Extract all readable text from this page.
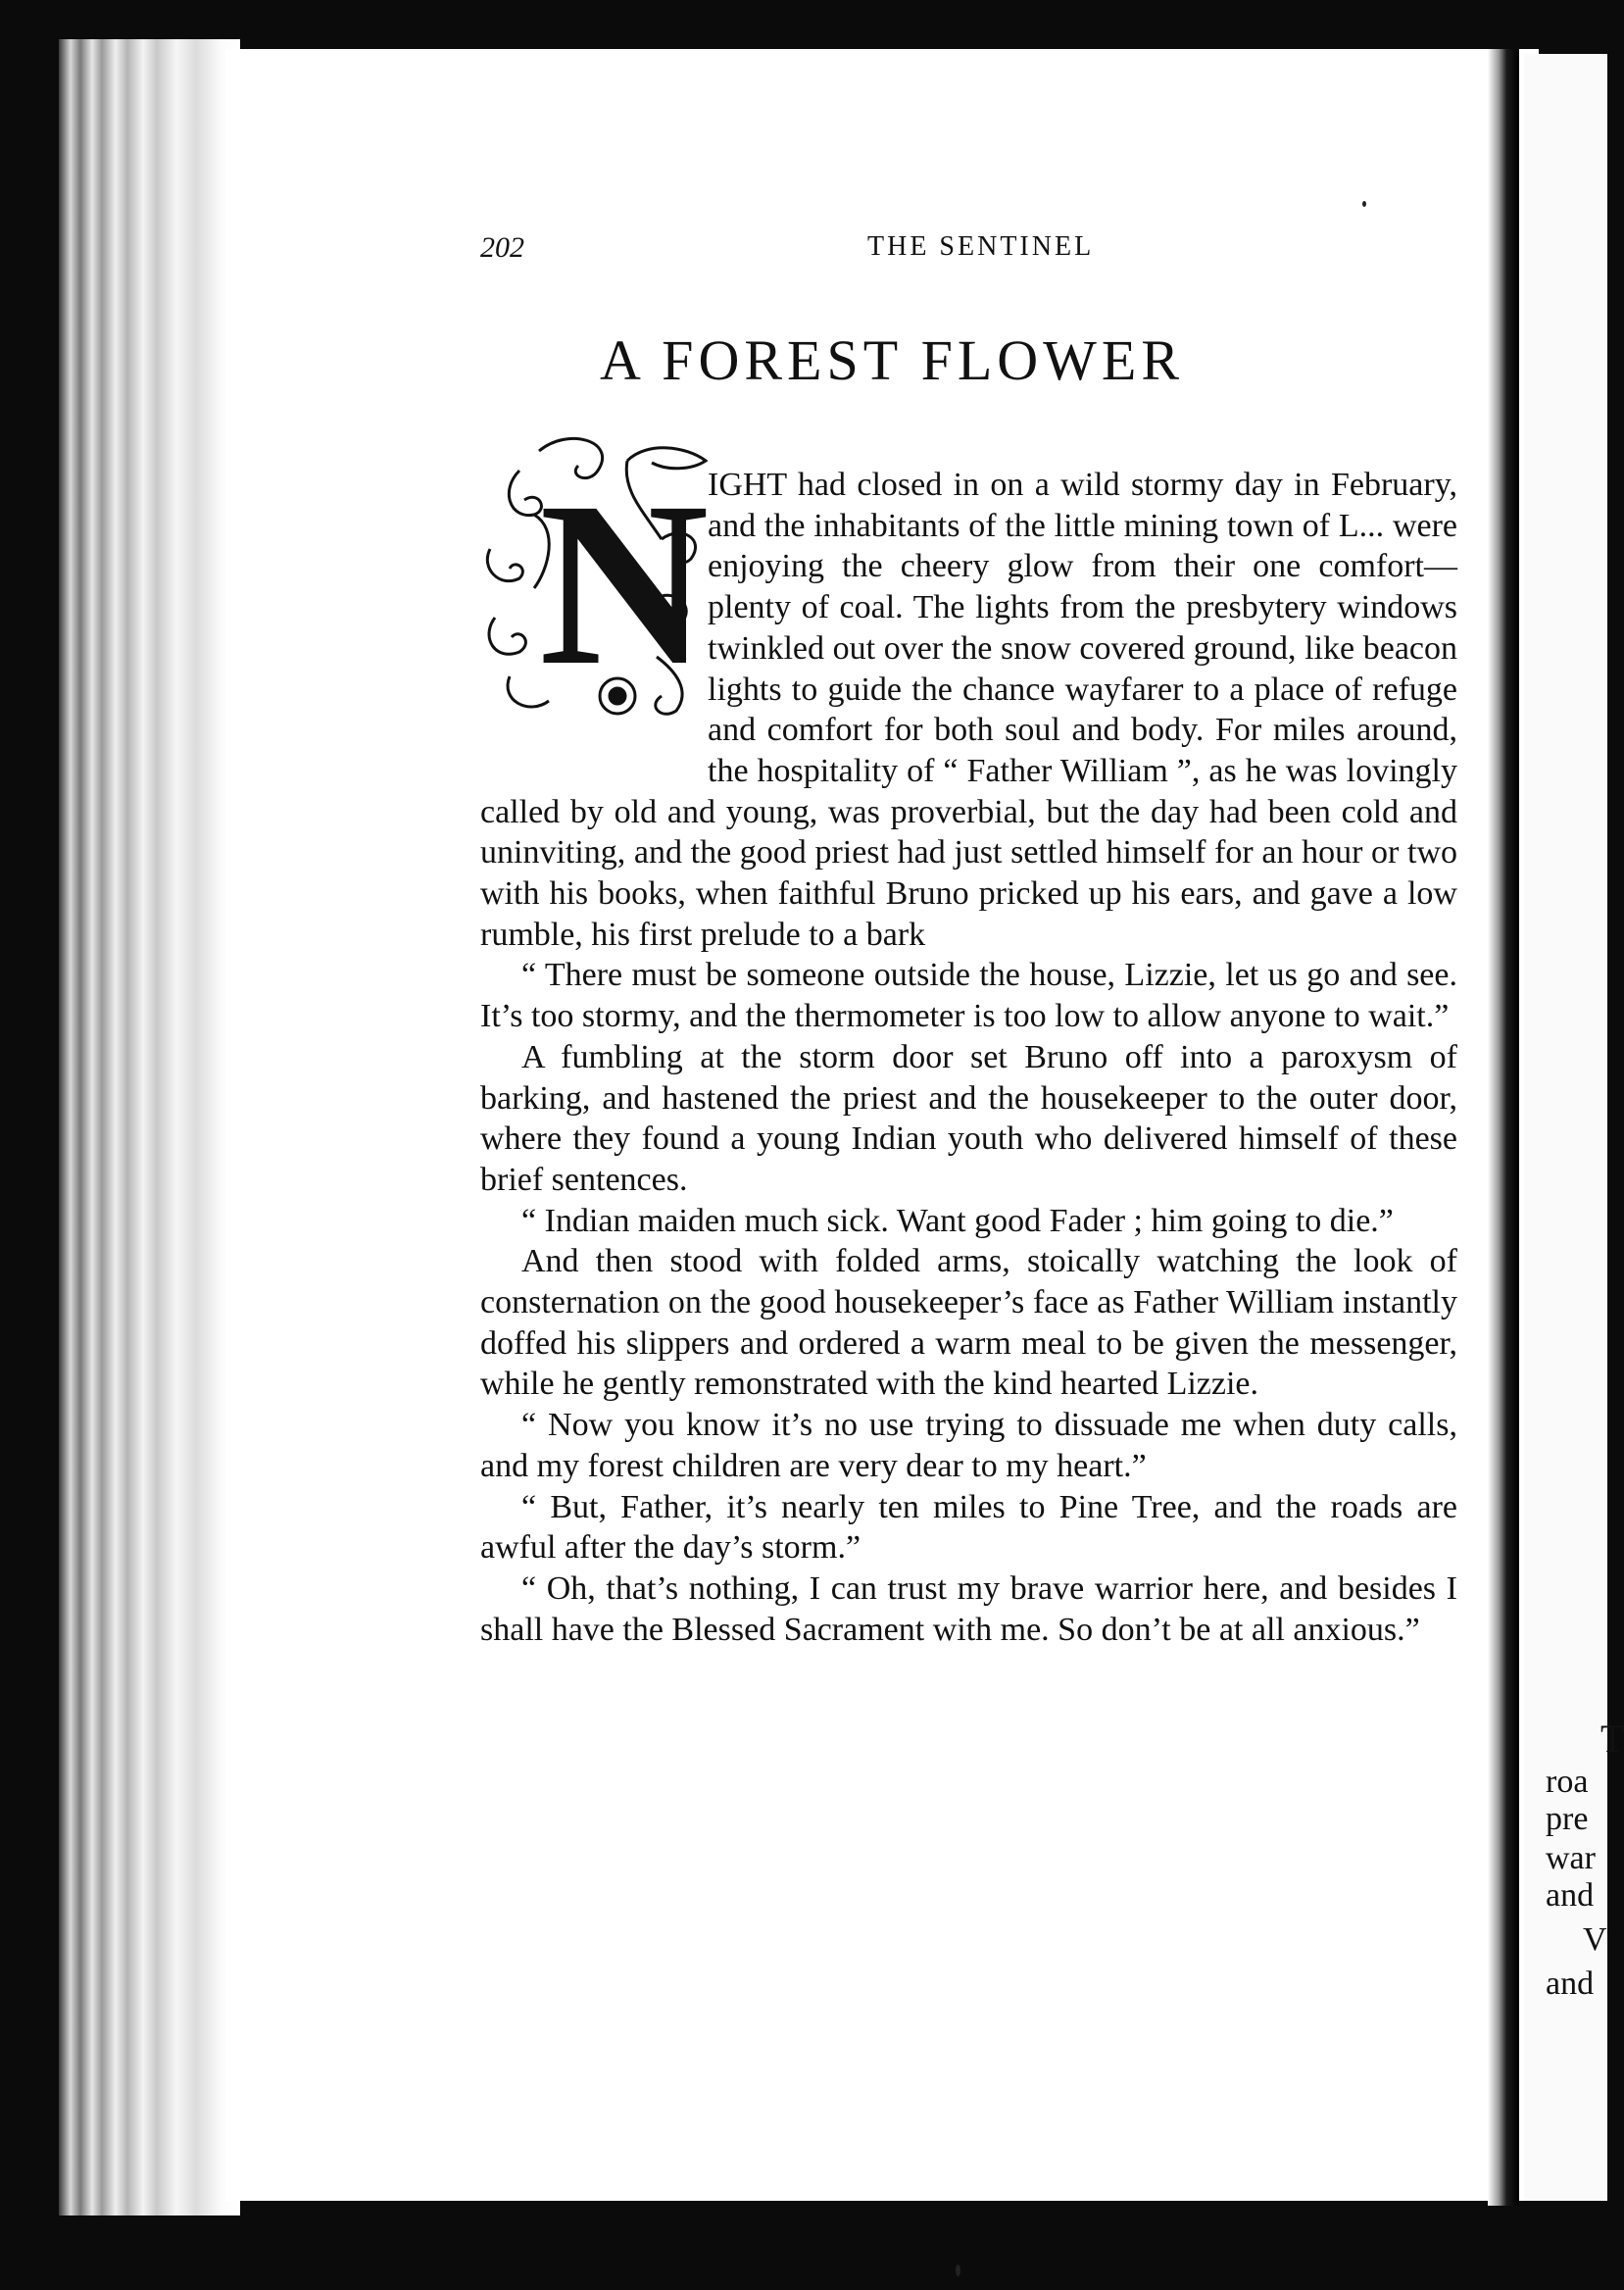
T
roa
pre
war
and
V
and
202	THE SENTINEL
A FOREST FLOWER
N

IGHT had closed in on a wild stormy day in February, and the inhabitants of the little mining town of L... were enjoying the cheery glow from their one comfort—plenty of coal. The lights from the presbytery windows twinkled out over the snow covered ground, like beacon lights to guide the chance wayfarer to a place of refuge and comfort for both soul and body. For miles around, the hospitality of “ Father William ”, as he was lovingly called by old and young, was proverbial, but the day had been cold and uninviting, and the good priest had just settled himself for an hour or two with his books, when faithful Bruno pricked up his ears, and gave a low rumble, his first prelude to a bark

“ There must be someone outside the house, Lizzie, let us go and see. It’s too stormy, and the thermometer is too low to allow anyone to wait.”

A fumbling at the storm door set Bruno off into a paroxysm of barking, and hastened the priest and the housekeeper to the outer door, where they found a young Indian youth who delivered himself of these brief sentences.

“ Indian maiden much sick. Want good Fader ; him going to die.”

And then stood with folded arms, stoically watching the look of consternation on the good housekeeper’s face as Father William instantly doffed his slippers and ordered a warm meal to be given the messenger, while he gently remonstrated with the kind hearted Lizzie.

“ Now you know it’s no use trying to dissuade me when duty calls, and my forest children are very dear to my heart.”

“ But, Father, it’s nearly ten miles to Pine Tree, and the roads are awful after the day’s storm.”

“ Oh, that’s nothing, I can trust my brave warrior here, and besides I shall have the Blessed Sacrament with me. So don’t be at all anxious.”
